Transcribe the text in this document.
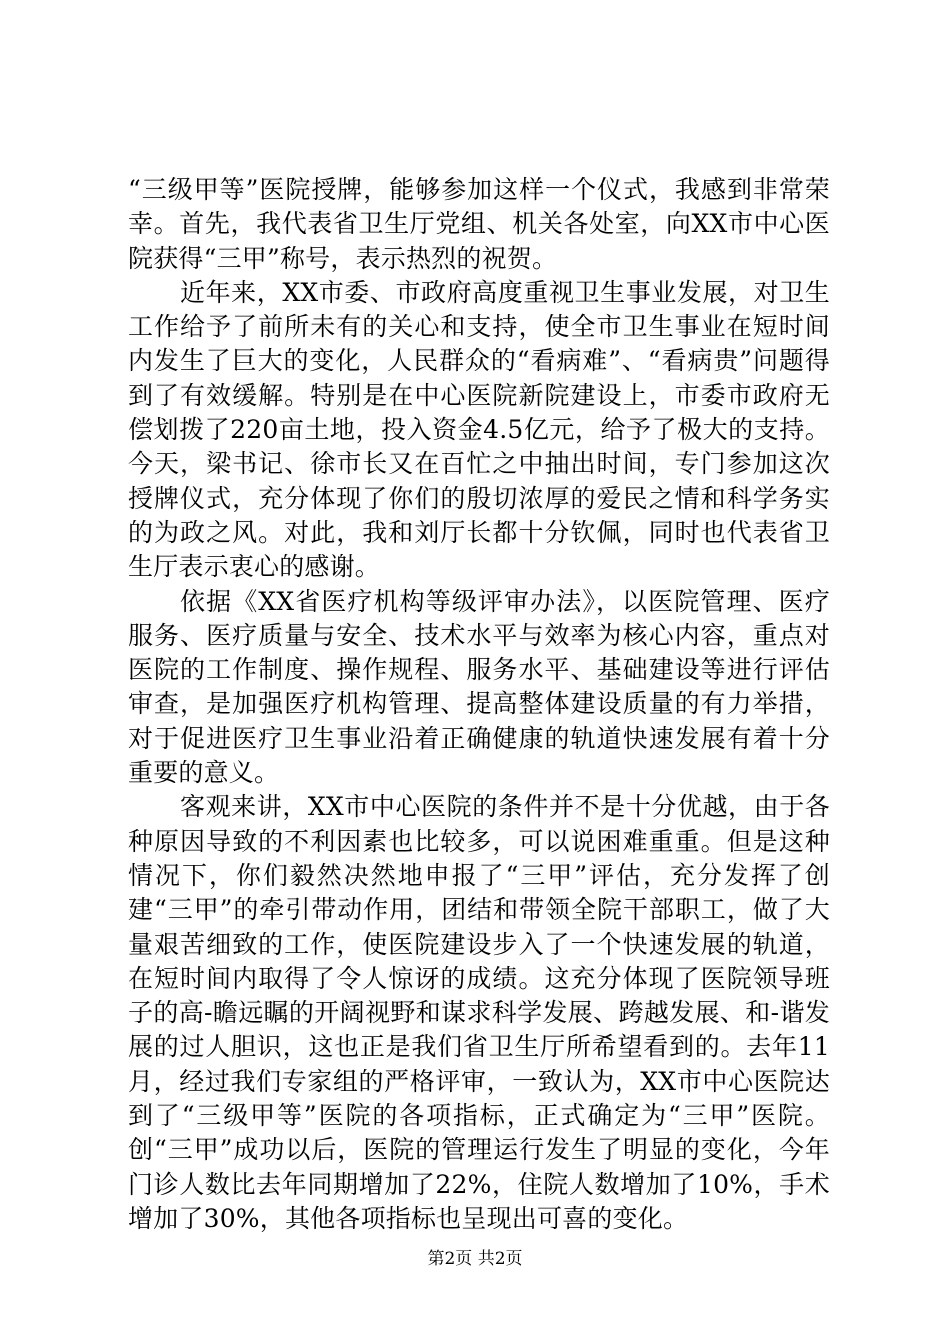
“三级甲等”医院授牌，能够参加这样一个仪式，我感到非常荣幸。首先，我代表省卫生厅党组、机关各处室，向XX市中心医院获得“三甲”称号，表示热烈的祝贺。

近年来，XX市委、市政府高度重视卫生事业发展，对卫生工作给予了前所未有的关心和支持，使全市卫生事业在短时间内发生了巨大的变化，人民群众的“看病难”、“看病贵”问题得到了有效缓解。特别是在中心医院新院建设上，市委市政府无偿划拨了220亩土地，投入资金4.5亿元，给予了极大的支持。今天，梁书记、徐市长又在百忙之中抽出时间，专门参加这次授牌仪式，充分体现了你们的殷切浓厚的爱民之情和科学务实的为政之风。对此，我和刘厅长都十分钦佩，同时也代表省卫生厅表示衷心的感谢。

依据《XX省医疗机构等级评审办法》，以医院管理、医疗服务、医疗质量与安全、技术水平与效率为核心内容，重点对医院的工作制度、操作规程、服务水平、基础建设等进行评估审查，是加强医疗机构管理、提高整体建设质量的有力举措，对于促进医疗卫生事业沿着正确健康的轨道快速发展有着十分重要的意义。

客观来讲，XX市中心医院的条件并不是十分优越，由于各种原因导致的不利因素也比较多，可以说困难重重。但是这种情况下，你们毅然决然地申报了“三甲”评估，充分发挥了创建“三甲”的牵引带动作用，团结和带领全院干部职工，做了大量艰苦细致的工作，使医院建设步入了一个快速发展的轨道，在短时间内取得了令人惊讶的成绩。这充分体现了医院领导班子的高-瞻远瞩的开阔视野和谋求科学发展、跨越发展、和-谐发展的过人胆识，这也正是我们省卫生厅所希望看到的。去年11月，经过我们专家组的严格评审，一致认为，XX市中心医院达到了“三级甲等”医院的各项指标，正式确定为“三甲”医院。创“三甲”成功以后，医院的管理运行发生了明显的变化，今年门诊人数比去年同期增加了22%，住院人数增加了10%，手术增加了30%，其他各项指标也呈现出可喜的变化。

第2页 共2页
